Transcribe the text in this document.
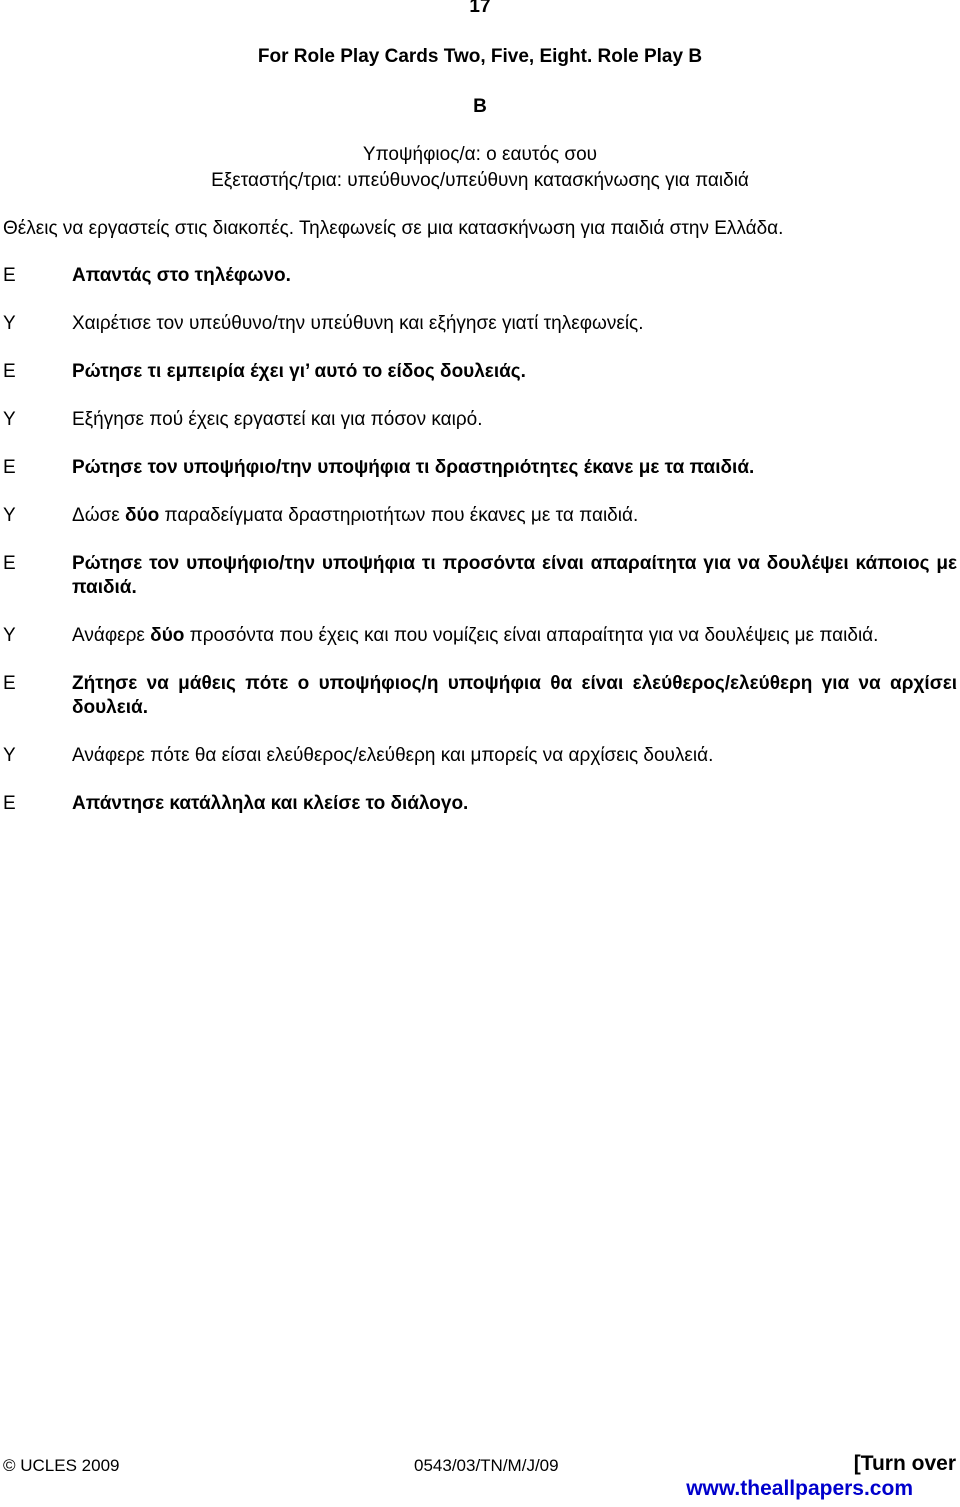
17
For Role Play Cards Two, Five, Eight. Role Play B
B
Υποψήφιος/α: ο εαυτός σου
Εξεταστής/τρια: υπεύθυνος/υπεύθυνη κατασκήνωσης για παιδιά
Θέλεις να εργαστείς στις διακοπές. Τηλεφωνείς σε μια κατασκήνωση για παιδιά στην Ελλάδα.
E	Απαντάς στο τηλέφωνο.
Y	Χαιρέτισε τον υπεύθυνο/την υπεύθυνη και εξήγησε γιατί τηλεφωνείς.
E	Ρώτησε τι εμπειρία έχει γι’ αυτό το είδος δουλειάς.
Y	Εξήγησε πού έχεις εργαστεί και για πόσον καιρό.
E	Ρώτησε τον υποψήφιο/την υποψήφια τι δραστηριότητες έκανε με τα παιδιά.
Y	Δώσε δύο παραδείγματα δραστηριοτήτων που έκανες με τα παιδιά.
E	Ρώτησε τον υποψήφιο/την υποψήφια τι προσόντα είναι απαραίτητα για να δουλέψει κάποιος με παιδιά.
Y	Ανάφερε δύο προσόντα που έχεις και που νομίζεις είναι απαραίτητα για να δουλέψεις με παιδιά.
E	Ζήτησε να μάθεις πότε ο υποψήφιος/η υποψήφια θα είναι ελεύθερος/ελεύθερη για να αρχίσει δουλειά.
Y	Ανάφερε πότε θα είσαι ελεύθερος/ελεύθερη και μπορείς να αρχίσεις δουλειά.
E	Απάντησε κατάλληλα και κλείσε το διάλογο.
© UCLES 2009	0543/03/TN/M/J/09	[Turn over
www.theallpapers.com
